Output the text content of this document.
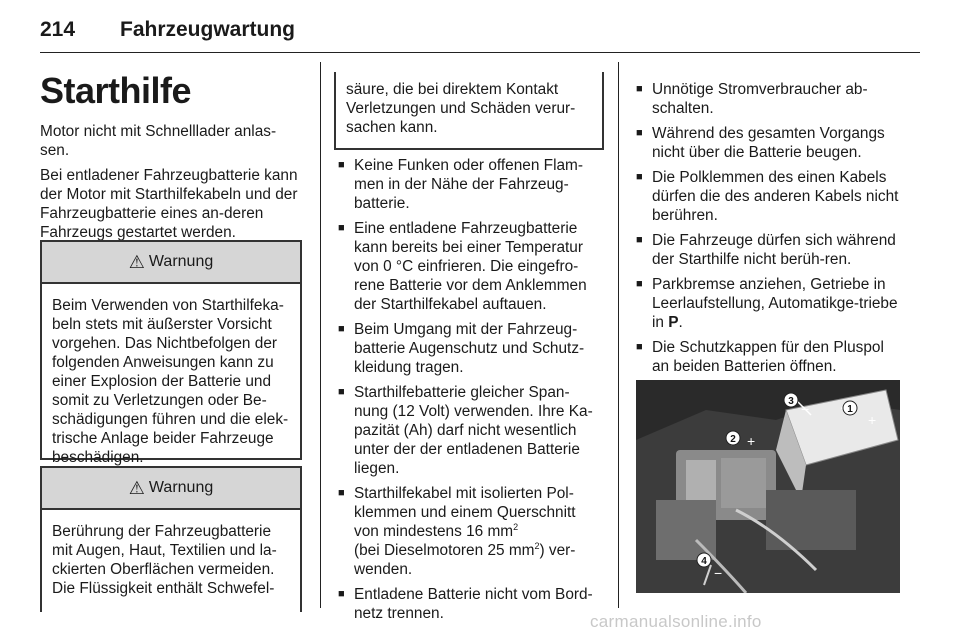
214 Fahrzeugwartung
Starthilfe
Motor nicht mit Schnelllader anlas-sen.
Bei entladener Fahrzeugbatterie kann der Motor mit Starthilfekabeln und der Fahrzeugbatterie eines an-deren Fahrzeugs gestartet werden.
⚠ Warnung
Beim Verwenden von Starthilfeka-beln stets mit äußerster Vorsicht vorgehen. Das Nichtbefolgen der folgenden Anweisungen kann zu einer Explosion der Batterie und somit zu Verletzungen oder Be-schädigungen führen und die elek-trische Anlage beider Fahrzeuge beschädigen.
⚠ Warnung
Berührung der Fahrzeugbatterie mit Augen, Haut, Textilien und la-ckierten Oberflächen vermeiden. Die Flüssigkeit enthält Schwefel-
säure, die bei direktem Kontakt Verletzungen und Schäden verur-sachen kann.
■ Keine Funken oder offenen Flam-men in der Nähe der Fahrzeug-batterie.
■ Eine entladene Fahrzeugbatterie kann bereits bei einer Temperatur von 0 °C einfrieren. Die eingefro-rene Batterie vor dem Anklemmen der Starthilfekabel auftauen.
■ Beim Umgang mit der Fahrzeug-batterie Augenschutz und Schutz-kleidung tragen.
■ Starthilfebatterie gleicher Span-nung (12 Volt) verwenden. Ihre Ka-pazität (Ah) darf nicht wesentlich unter der der entladenen Batterie liegen.
■ Starthilfekabel mit isolierten Pol-klemmen und einem Querschnitt von mindestens 16 $mm^2$
(bei Dieselmotoren 25 $mm^2$) ver-wenden.
■ Entladene Batterie nicht vom Bord-netz trennen.
■ Unnötige Stromverbraucher ab-schalten.
■ Während des gesamten Vorgangs nicht über die Batterie beugen.
■ Die Polklemmen des einen Kabels dürfen die des anderen Kabels nicht berühren.
■ Die Fahrzeuge dürfen sich während der Starthilfe nicht berüh-ren.
■ Parkbremse anziehen, Getriebe in Leerlaufstellung, Automatikge-triebe in P.
■ Die Schutzkappen für den Pluspol an beiden Batterien öffnen.
3
1
2
4
+
+
−
−
carmanualsonline.info
